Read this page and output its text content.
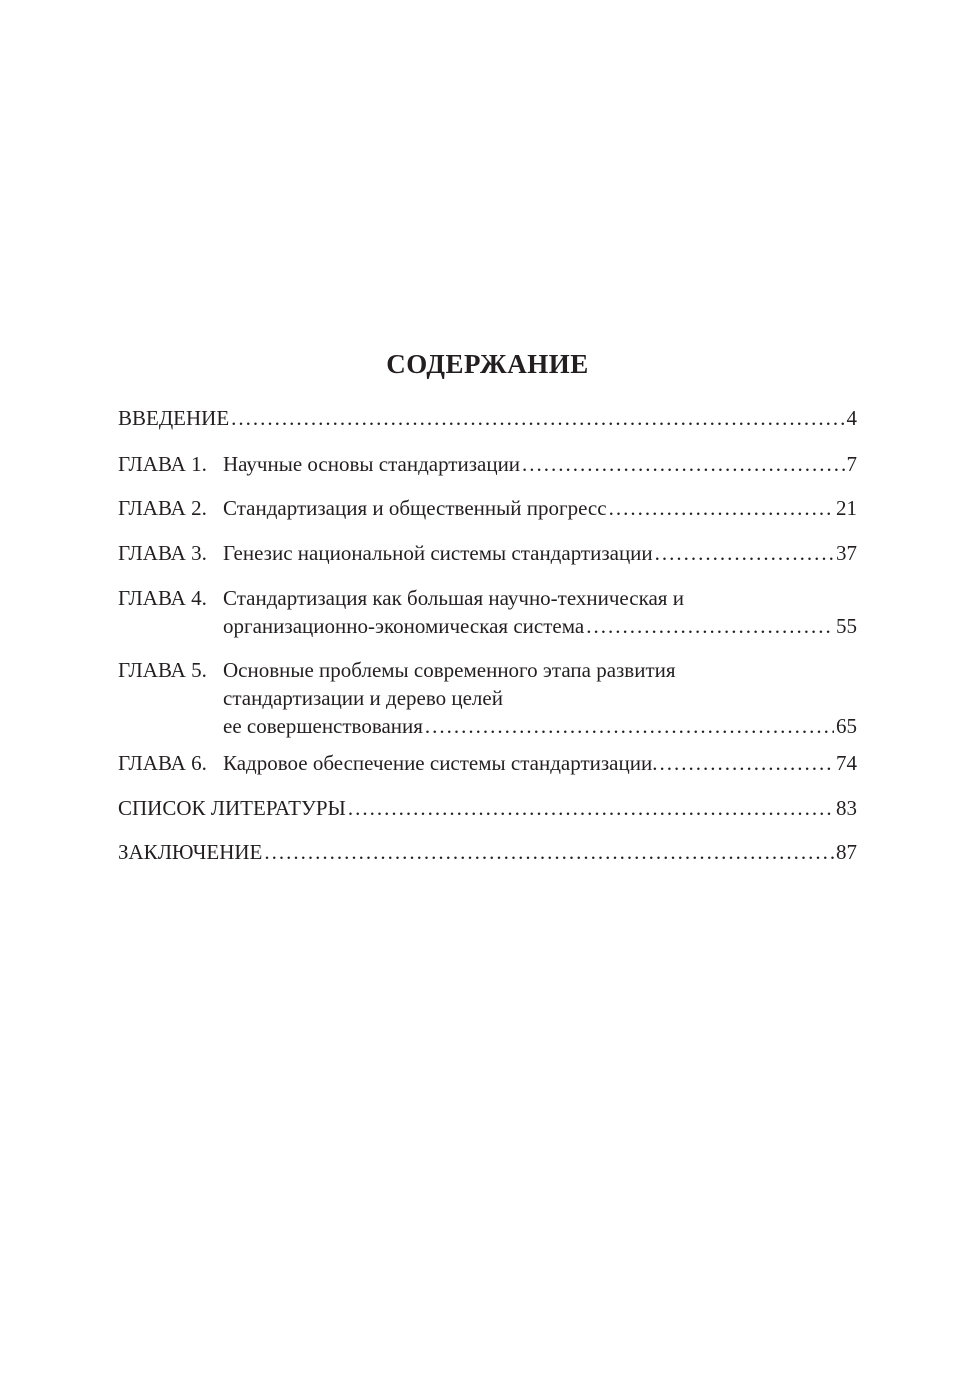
СОДЕРЖАНИЕ
ВВЕДЕНИЕ .....	4
ГЛАВА 1. Научные основы стандартизации .....	7
ГЛАВА 2. Стандартизация и общественный прогресс .....	21
ГЛАВА 3. Генезис национальной системы стандартизации .....	37
ГЛАВА 4. Стандартизация как большая научно-техническая и
организационно-экономическая система .....	55
ГЛАВА 5. Основные проблемы современного этапа развития
стандартизации и дерево целей
ее совершенствования .....	65
ГЛАВА 6. Кадровое обеспечение системы стандартизации. .....	74
СПИСОК ЛИТЕРАТУРЫ .....	83
ЗАКЛЮЧЕНИЕ .....	87
